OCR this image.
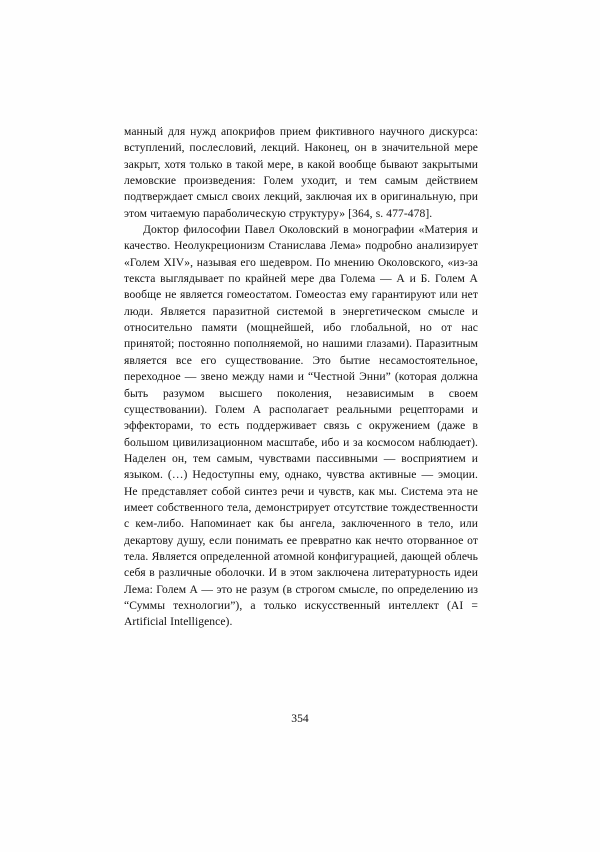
манный для нужд апокрифов прием фиктивного научного дискурса: вступлений, послесловий, лекций. Наконец, он в значительной мере закрыт, хотя только в такой мере, в какой вообще бывают закрытыми лемовские произведения: Голем уходит, и тем самым действием подтверждает смысл своих лекций, заключая их в оригинальную, при этом читаемую параболическую структуру» [364, s. 477-478].

Доктор философии Павел Околовский в монографии «Материя и качество. Неолукреционизм Станислава Лема» подробно анализирует «Голем XIV», называя его шедевром. По мнению Околовского, «из-за текста выглядывает по крайней мере два Голема — А и Б. Голем А вообще не является гомеостатом. Гомеостаз ему гарантируют или нет люди. Является паразитной системой в энергетическом смысле и относительно памяти (мощнейшей, ибо глобальной, но от нас принятой; постоянно пополняемой, но нашими глазами). Паразитным является все его существование. Это бытие несамостоятельное, переходное — звено между нами и “Честной Энни” (которая должна быть разумом высшего поколения, независимым в своем существовании). Голем А располагает реальными рецепторами и эффекторами, то есть поддерживает связь с окружением (даже в большом цивилизационном масштабе, ибо и за космосом наблюдает). Наделен он, тем самым, чувствами пассивными — восприятием и языком. (…) Недоступны ему, однако, чувства активные — эмоции. Не представляет собой синтез речи и чувств, как мы. Система эта не имеет собственного тела, демонстрирует отсутствие тождественности с кем-либо. Напоминает как бы ангела, заключенного в тело, или декартову душу, если понимать ее превратно как нечто оторванное от тела. Является определенной атомной конфигурацией, дающей облечь себя в различные оболочки. И в этом заключена литературность идеи Лема: Голем А — это не разум (в строгом смысле, по определению из “Суммы технологии”), а только искусственный интеллект (AI = Artificial Intelligence).

354
